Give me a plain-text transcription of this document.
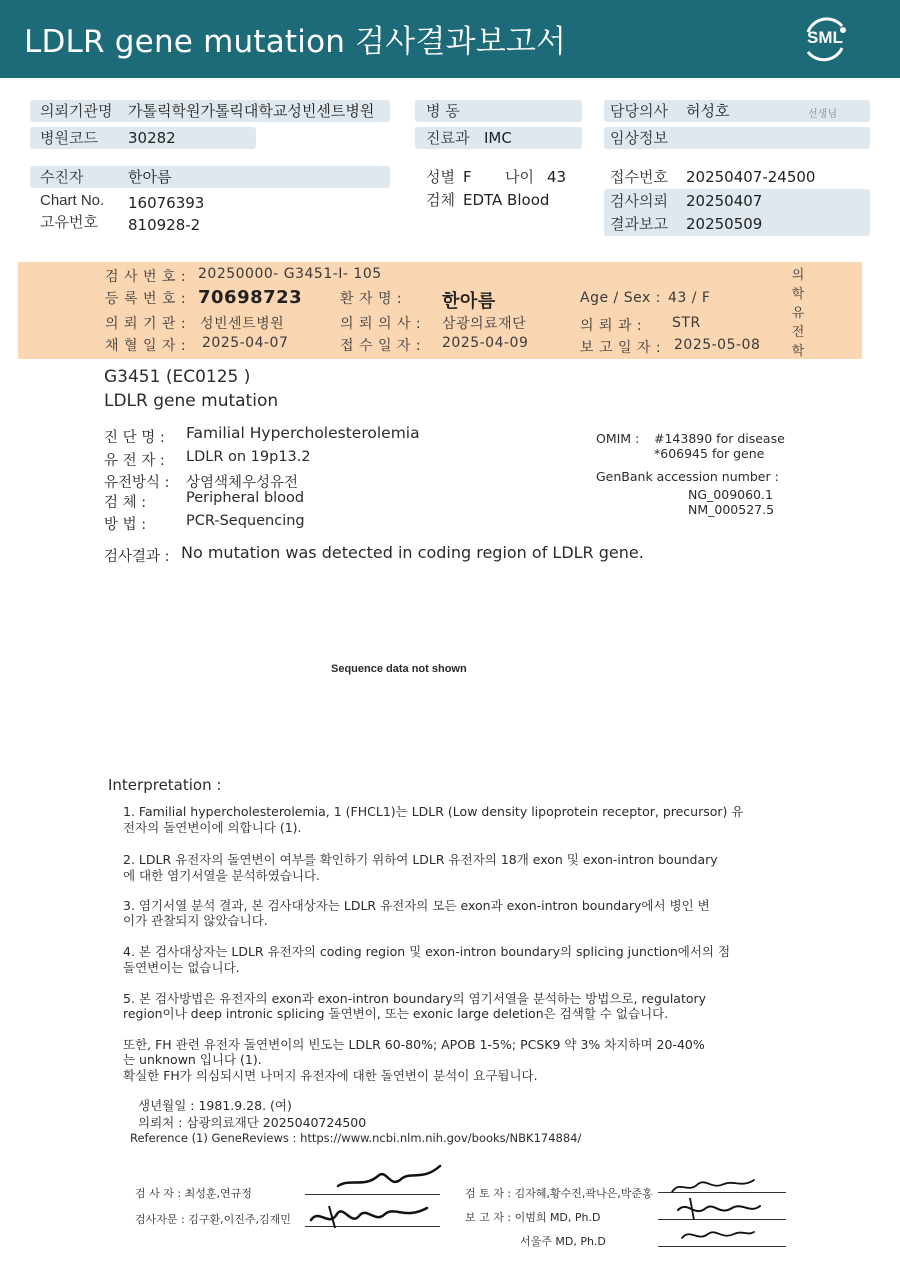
LDLR gene mutation 검사결과보고서	SML
의뢰기관명 가톨릭학원가톨릭대학교성빈센트병원
병원코드 30282
병 동
진료과 IMC
담당의사 허성호	선생님
임상정보
수진자	한아름
Chart No. 16076393
고유번호 810928-2
성별 F 나이 43
검체 EDTA Blood
접수번호 20250407-24500
검사의뢰 20250407
결과보고 20250509
검 사 번 호 : 20250000- G3451-I- 105
등 록 번 호 : 70698723	환 자 명 : 한아름	Age / Sex : 43 / F
의 뢰 기 관 : 성빈센트병원	의 뢰 의 사 : 삼광의료재단	의 뢰 과 : STR
채 혈 일 자 : 2025-04-07	접 수 일 자 : 2025-04-09	보 고 일 자 : 2025-05-08
의
학
유
전
학
G3451 (EC0125 )
LDLR gene mutation
진 단 명 : Familial Hypercholesterolemia
유 전 자 : LDLR on 19p13.2
유전방식 : 상염색체우성유전
검 체 :	Peripheral blood
방 법 :	PCR-Sequencing
OMIM : #143890 for disease
*606945 for gene
GenBank accession number :
NG_009060.1
NM_000527.5
검사결과 : No mutation was detected in coding region of LDLR gene.
Sequence data not shown
Interpretation :
1. Familial hypercholesterolemia, 1 (FHCL1)는 LDLR (Low density lipoprotein receptor, precursor) 유
전자의 돌연변이에 의합니다 (1).
2. LDLR 유전자의 돌연변이 여부를 확인하기 위하여 LDLR 유전자의 18개 exon 및 exon-intron boundary
에 대한 염기서열을 분석하였습니다.
3. 염기서열 분석 결과, 본 검사대상자는 LDLR 유전자의 모든 exon과 exon-intron boundary에서 병인 변
이가 관찰되지 않았습니다.
4. 본 검사대상자는 LDLR 유전자의 coding region 및 exon-intron boundary의 splicing junction에서의 점
돌연변이는 없습니다.
5. 본 검사방법은 유전자의 exon과 exon-intron boundary의 염기서열을 분석하는 방법으로, regulatory
region이나 deep intronic splicing 돌연변이, 또는 exonic large deletion은 검색할 수 없습니다.
또한, FH 관련 유전자 돌연변이의 빈도는 LDLR 60-80%; APOB 1-5%; PCSK9 약 3% 차지하며 20-40%
는 unknown 입니다 (1).
확실한 FH가 의심되시면 나머지 유전자에 대한 돌연변이 분석이 요구됩니다.
생년월일 : 1981.9.28. (여)
의뢰처 : 삼광의료재단 2025040724500
Reference (1) GeneReviews : https://www.ncbi.nlm.nih.gov/books/NBK174884/
검 사 자 : 최성훈,연규정
검사자문 : 김구환,이진주,김재민
검 토 자 : 김자혜,황수진,곽나은,박준홍
보 고 자 : 이범희 MD, Ph.D
서울주 MD, Ph.D
